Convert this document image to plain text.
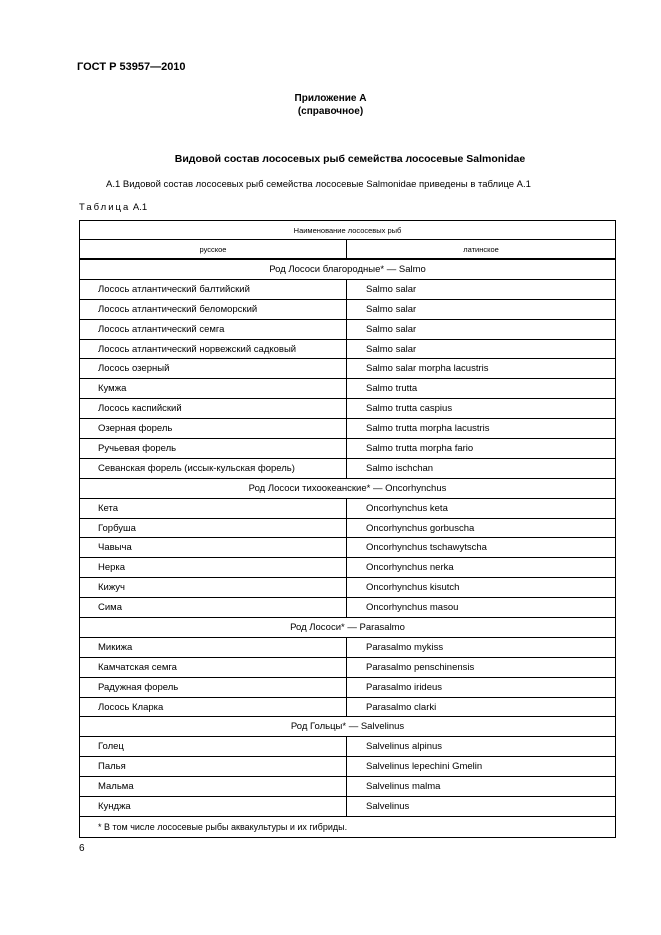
ГОСТ Р 53957—2010
Приложение А
(справочное)
Видовой состав лососевых рыб семейства лососевые Salmonidae
А.1 Видовой состав лососевых рыб семейства лососевые Salmonidae приведены в таблице А.1
Таблица А.1
Наименование лососевых рыб	
русское	латинское
Род Лососи благородные* — Salmo	
Лосось атлантический балтийский	Salmo salar
Лосось атлантический беломорский	Salmo salar
Лосось атлантический семга	Salmo salar
Лосось атлантический норвежский садковый	Salmo salar
Лосось озерный	Salmo salar morpha lacustris
Кумжа	Salmo trutta
Лосось каспийский	Salmo trutta caspius
Озерная форель	Salmo trutta morpha lacustris
Ручьевая форель	Salmo trutta morpha fario
Севанская форель (иссык-кульская форель)	Salmo ischchan
Род Лососи тихоокеанские* — Oncorhynchus	
Кета	Oncorhynchus keta
Горбуша	Oncorhynchus gorbuscha
Чавыча	Oncorhynchus tschawytscha
Нерка	Oncorhynchus nerka
Кижуч	Oncorhynchus kisutch
Сима	Oncorhynchus masou
Род Лососи* — Parasalmo	
Микижа	Parasalmo mykiss
Камчатская семга	Parasalmo penschinensis
Радужная форель	Parasalmo irideus
Лосось Кларка	Parasalmo clarki
Род Гольцы* — Salvelinus	
Голец	Salvelinus alpinus
Палья	Salvelinus lepechini Gmelin
Мальма	Salvelinus malma
Кунджа	Salvelinus
* В том числе лососевые рыбы аквакультуры и их гибриды.	
6
